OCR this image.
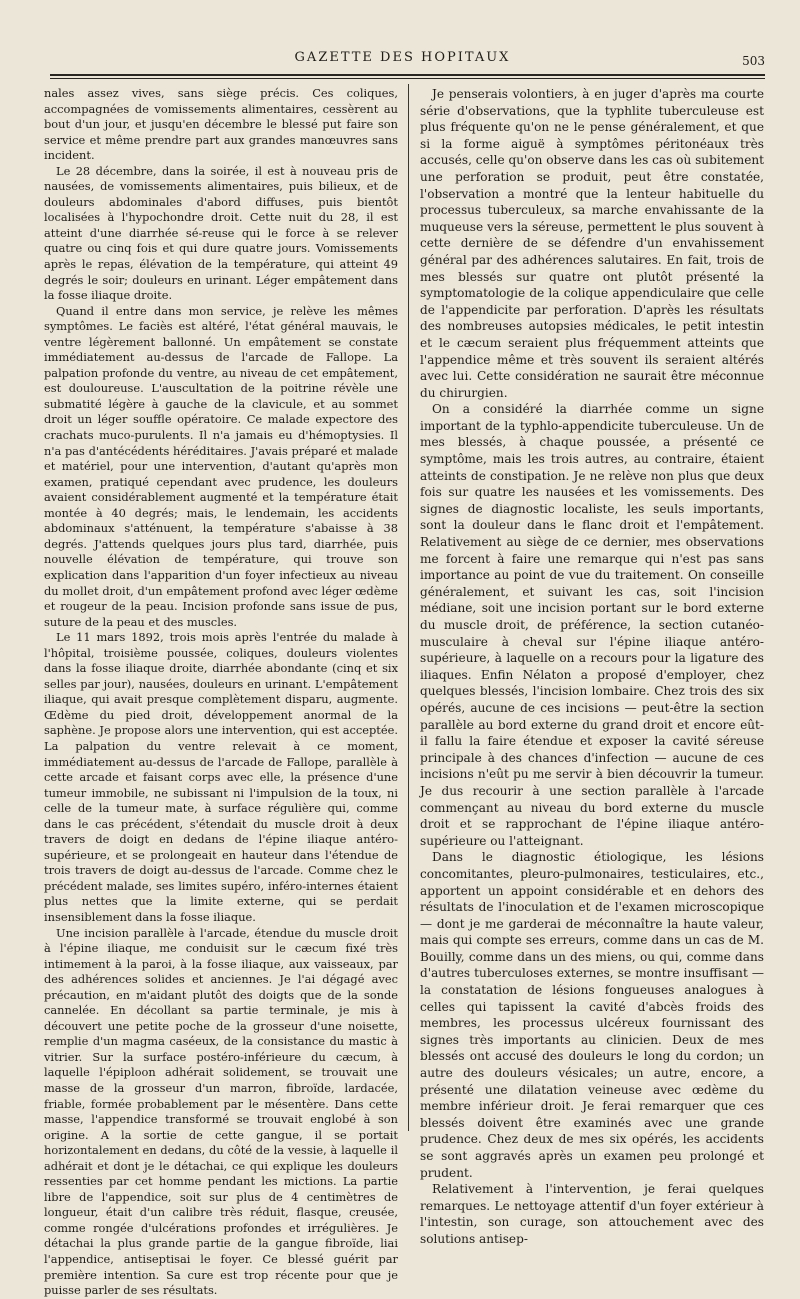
GAZETTE DES HOPITAUX	503

nales assez vives, sans siège précis. Ces coliques, accompagnées de vomissements alimentaires, cessèrent au bout d'un jour, et jusqu'en décembre le blessé put faire son service et même prendre part aux grandes manœuvres sans incident.

Le 28 décembre, dans la soirée, il est à nouveau pris de nausées, de vomissements alimentaires, puis bilieux, et de douleurs abdominales d'abord diffuses, puis bientôt localisées à l'hypochondre droit. Cette nuit du 28, il est atteint d'une diarrhée sé-reuse qui le force à se relever quatre ou cinq fois et qui dure quatre jours. Vomissements après le repas, élévation de la température, qui atteint 49 degrés le soir; douleurs en urinant. Léger empâtement dans la fosse iliaque droite.

Quand il entre dans mon service, je relève les mêmes symptômes. Le faciès est altéré, l'état général mauvais, le ventre légèrement ballonné. Un empâtement se constate immédiatement au-dessus de l'arcade de Fallope. La palpation profonde du ventre, au niveau de cet empâtement, est douloureuse. L'auscultation de la poitrine révèle une submatité légère à gauche de la clavicule, et au sommet droit un léger souffle opératoire. Ce malade expectore des crachats muco-purulents. Il n'a jamais eu d'hémoptysies. Il n'a pas d'antécédents héréditaires. J'avais préparé et malade et matériel, pour une intervention, d'autant qu'après mon examen, pratiqué cependant avec prudence, les douleurs avaient considérablement augmenté et la température était montée à 40 degrés; mais, le lendemain, les accidents abdominaux s'atténuent, la température s'abaisse à 38 degrés. J'attends quelques jours plus tard, diarrhée, puis nouvelle élévation de température, qui trouve son explication dans l'apparition d'un foyer infectieux au niveau du mollet droit, d'un empâtement profond avec léger œdème et rougeur de la peau. Incision profonde sans issue de pus, suture de la peau et des muscles.

Le 11 mars 1892, trois mois après l'entrée du malade à l'hôpital, troisième poussée, coliques, douleurs violentes dans la fosse iliaque droite, diarrhée abondante (cinq et six selles par jour), nausées, douleurs en urinant. L'empâtement iliaque, qui avait presque complètement disparu, augmente. Œdème du pied droit, développement anormal de la saphène. Je propose alors une intervention, qui est acceptée. La palpation du ventre relevait à ce moment, immédiatement au-dessus de l'arcade de Fallope, parallèle à cette arcade et faisant corps avec elle, la présence d'une tumeur immobile, ne subissant ni l'impulsion de la toux, ni celle de la tumeur mate, à surface régulière qui, comme dans le cas précédent, s'étendait du muscle droit à deux travers de doigt en dedans de l'épine iliaque antéro-supérieure, et se prolongeait en hauteur dans l'étendue de trois travers de doigt au-dessus de l'arcade. Comme chez le précédent malade, ses limites supéro, inféro-internes étaient plus nettes que la limite externe, qui se perdait insensiblement dans la fosse iliaque.

Une incision parallèle à l'arcade, étendue du muscle droit à l'épine iliaque, me conduisit sur le cæcum fixé très intimement à la paroi, à la fosse iliaque, aux vaisseaux, par des adhérences solides et anciennes. Je l'ai dégagé avec précaution, en m'aidant plutôt des doigts que de la sonde cannelée. En décollant sa partie terminale, je mis à découvert une petite poche de la grosseur d'une noisette, remplie d'un magma caséeux, de la consistance du mastic à vitrier. Sur la surface postéro-inférieure du cæcum, à laquelle l'épiploon adhérait solidement, se trouvait une masse de la grosseur d'un marron, fibroïde, lardacée, friable, formée probablement par le mésentère. Dans cette masse, l'appendice transformé se trouvait englobé à son origine. A la sortie de cette gangue, il se portait horizontalement en dedans, du côté de la vessie, à laquelle il adhérait et dont je le détachai, ce qui explique les douleurs ressenties par cet homme pendant les mictions. La partie libre de l'appendice, soit sur plus de 4 centimètres de longueur, était d'un calibre très réduit, flasque, creusée, comme rongée d'ulcérations profondes et irrégulières. Je détachai la plus grande partie de la gangue fibroïde, liai l'appendice, antiseptisai le foyer. Ce blessé guérit par première intention. Sa cure est trop récente pour que je puisse parler de ses résultats.

Je penserais volontiers, à en juger d'après ma courte série d'observations, que la typhlite tuberculeuse est plus fréquente qu'on ne le pense généralement, et que si la forme aiguë à symptômes péritonéaux très accusés, celle qu'on observe dans les cas où subitement une perforation se produit, peut être constatée, l'observation a montré que la lenteur habituelle du processus tuberculeux, sa marche envahissante de la muqueuse vers la séreuse, permettent le plus souvent à cette dernière de se défendre d'un envahissement général par des adhérences salutaires. En fait, trois de mes blessés sur quatre ont plutôt présenté la symptomatologie de la colique appendiculaire que celle de l'appendicite par perforation. D'après les résultats des nombreuses autopsies médicales, le petit intestin et le cæcum seraient plus fréquemment atteints que l'appendice même et très souvent ils seraient altérés avec lui. Cette considération ne saurait être méconnue du chirurgien.

On a considéré la diarrhée comme un signe important de la typhlo-appendicite tuberculeuse. Un de mes blessés, à chaque poussée, a présenté ce symptôme, mais les trois autres, au contraire, étaient atteints de constipation. Je ne relève non plus que deux fois sur quatre les nausées et les vomissements. Des signes de diagnostic localiste, les seuls importants, sont la douleur dans le flanc droit et l'empâtement. Relativement au siège de ce dernier, mes observations me forcent à faire une remarque qui n'est pas sans importance au point de vue du traitement. On conseille généralement, et suivant les cas, soit l'incision médiane, soit une incision portant sur le bord externe du muscle droit, de préférence, la section cutanéo-musculaire à cheval sur l'épine iliaque antéro-supérieure, à laquelle on a recours pour la ligature des iliaques. Enfin Nélaton a proposé d'employer, chez quelques blessés, l'incision lombaire. Chez trois des six opérés, aucune de ces incisions — peut-être la section parallèle au bord externe du grand droit et encore eût-il fallu la faire étendue et exposer la cavité séreuse principale à des chances d'infection — aucune de ces incisions n'eût pu me servir à bien découvrir la tumeur. Je dus recourir à une section parallèle à l'arcade commençant au niveau du bord externe du muscle droit et se rapprochant de l'épine iliaque antéro-supérieure ou l'atteignant.

Dans le diagnostic étiologique, les lésions concomitantes, pleuro-pulmonaires, testiculaires, etc., apportent un appoint considérable et en dehors des résultats de l'inoculation et de l'examen microscopique — dont je me garderai de méconnaître la haute valeur, mais qui compte ses erreurs, comme dans un cas de M. Bouilly, comme dans un des miens, ou qui, comme dans d'autres tuberculoses externes, se montre insuffisant — la constatation de lésions fongueuses analogues à celles qui tapissent la cavité d'abcès froids des membres, les processus ulcéreux fournissant des signes très importants au clinicien. Deux de mes blessés ont accusé des douleurs le long du cordon; un autre des douleurs vésicales; un autre, encore, a présenté une dilatation veineuse avec œdème du membre inférieur droit. Je ferai remarquer que ces blessés doivent être examinés avec une grande prudence. Chez deux de mes six opérés, les accidents se sont aggravés après un examen peu prolongé et prudent.

Relativement à l'intervention, je ferai quelques remarques. Le nettoyage attentif d'un foyer extérieur à l'intestin, son curage, son attouchement avec des solutions antisep-
